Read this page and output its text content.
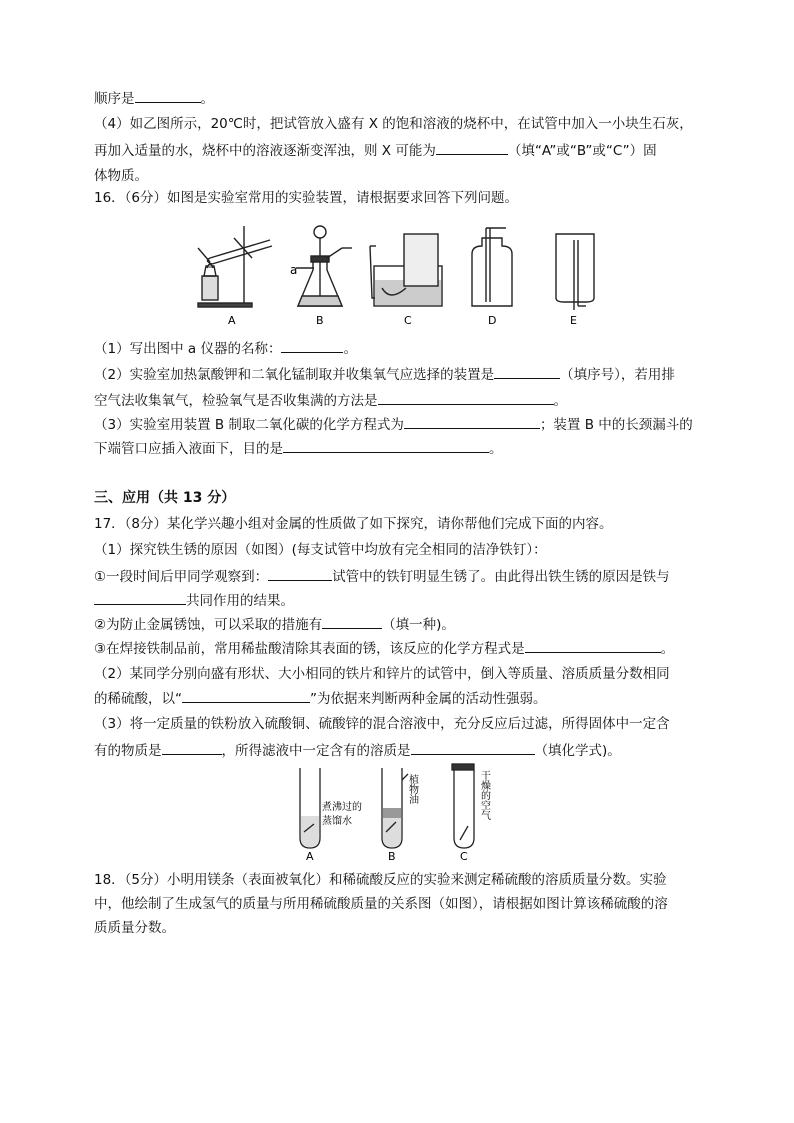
顺序是	。
（4）如乙图所示，20℃时，把试管放入盛有 X 的饱和溶液的烧杯中，在试管中加入一小块生石灰，
再加入适量的水，烧杯中的溶液逐渐变浑浊，则 X 可能为	（填“A”或“B”或“C”）固
体物质。
16．（6分）如图是实验室常用的实验装置，请根据要求回答下列问题。
a
A	B	C	D	E
（1）写出图中 a 仪器的名称：	。
（2）实验室加热氯酸钾和二氧化锰制取并收集氧气应选择的装置是	（填序号），若用排
空气法收集氧气，检验氧气是否收集满的方法是	。
（3）实验室用装置 B 制取二氧化碳的化学方程式为	；装置 B 中的长颈漏斗的
下端管口应插入液面下，目的是	。
三、应用（共 13 分）
17．（8分）某化学兴趣小组对金属的性质做了如下探究，请你帮他们完成下面的内容。
（1）探究铁生锈的原因（如图）(每支试管中均放有完全相同的洁净铁钉）：
①一段时间后甲同学观察到：	试管中的铁钉明显生锈了。由此得出铁生锈的原因是铁与
共同作用的结果。
②为防止金属锈蚀，可以采取的措施有	（填一种)。
③在焊接铁制品前，常用稀盐酸清除其表面的锈，该反应的化学方程式是	。
（2）某同学分别向盛有形状、大小相同的铁片和锌片的试管中，倒入等质量、溶质质量分数相同
的稀硫酸，以“	”为依据来判断两种金属的活动性强弱。
（3）将一定质量的铁粉放入硫酸铜、硫酸锌的混合溶液中，充分反应后过滤，所得固体中一定含
有的物质是	，所得滤液中一定含有的溶质是	（填化学式)。
煮沸过的
蒸馏水
植物油	干燥的空气
A	B	C
18．（5分）小明用镁条（表面被氧化）和稀硫酸反应的实验来测定稀硫酸的溶质质量分数。实验
中，他绘制了生成氢气的质量与所用稀硫酸质量的关系图（如图），请根据如图计算该稀硫酸的溶
质质量分数。
